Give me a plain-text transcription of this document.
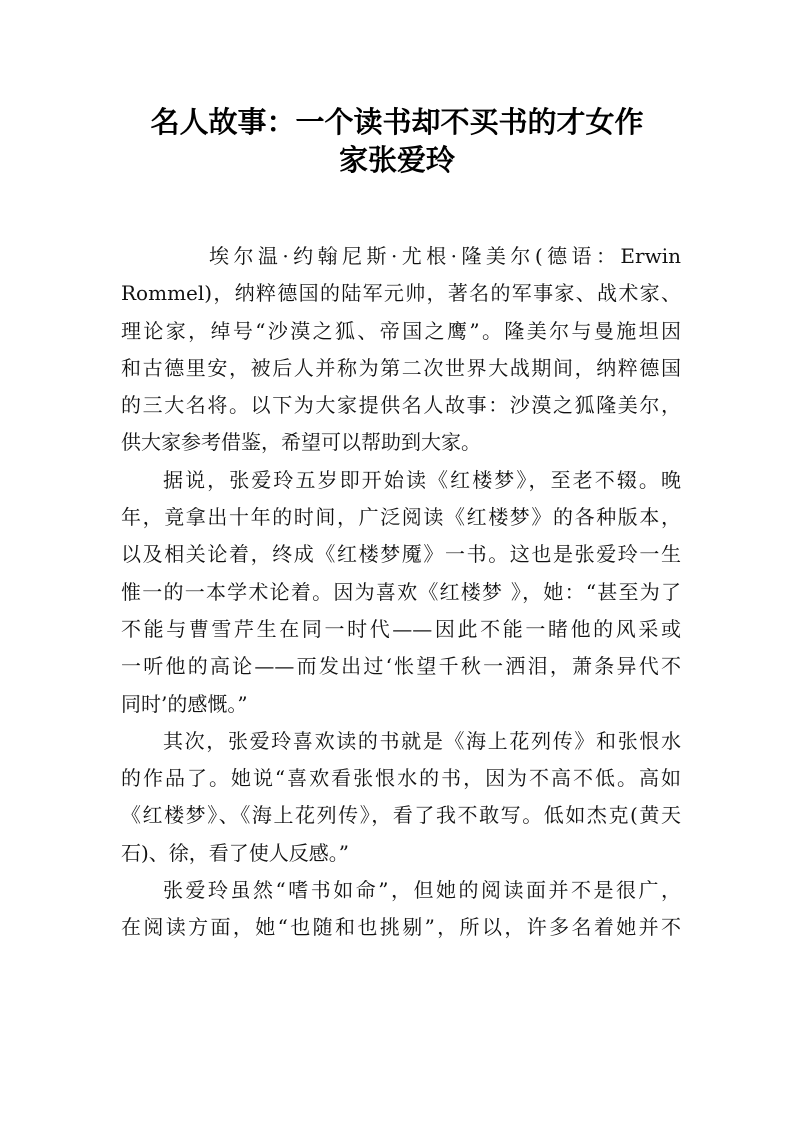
名人故事：一个读书却不买书的才女作
家张爱玲
埃尔温·约翰尼斯·尤根·隆美尔(德语：Erwin
Rommel)，纳粹德国的陆军元帅，著名的军事家、战术家、
理论家，绰号“沙漠之狐、帝国之鹰”。隆美尔与曼施坦因
和古德里安，被后人并称为第二次世界大战期间，纳粹德国
的三大名将。以下为大家提供名人故事：沙漠之狐隆美尔，
供大家参考借鉴，希望可以帮助到大家。
据说，张爱玲五岁即开始读《红楼梦》，至老不辍。晚
年，竟拿出十年的时间，广泛阅读《红楼梦》的各种版本，
以及相关论着，终成《红楼梦魇》一书。这也是张爱玲一生
惟一的一本学术论着。因为喜欢《红楼梦 》，她：“甚至为了
不能与曹雪芹生在同一时代——因此不能一睹他的风采或
一听他的高论——而发出过‘怅望千秋一洒泪，萧条异代不
同时’的感慨。”
其次，张爱玲喜欢读的书就是《海上花列传》和张恨水
的作品了。她说“喜欢看张恨水的书，因为不高不低。高如
《红楼梦》、《海上花列传》，看了我不敢写。低如杰克(黄天
石)、徐，看了使人反感。”
张爱玲虽然“嗜书如命”，但她的阅读面并不是很广，
在阅读方面，她“也随和也挑剔”，所以，许多名着她并不
